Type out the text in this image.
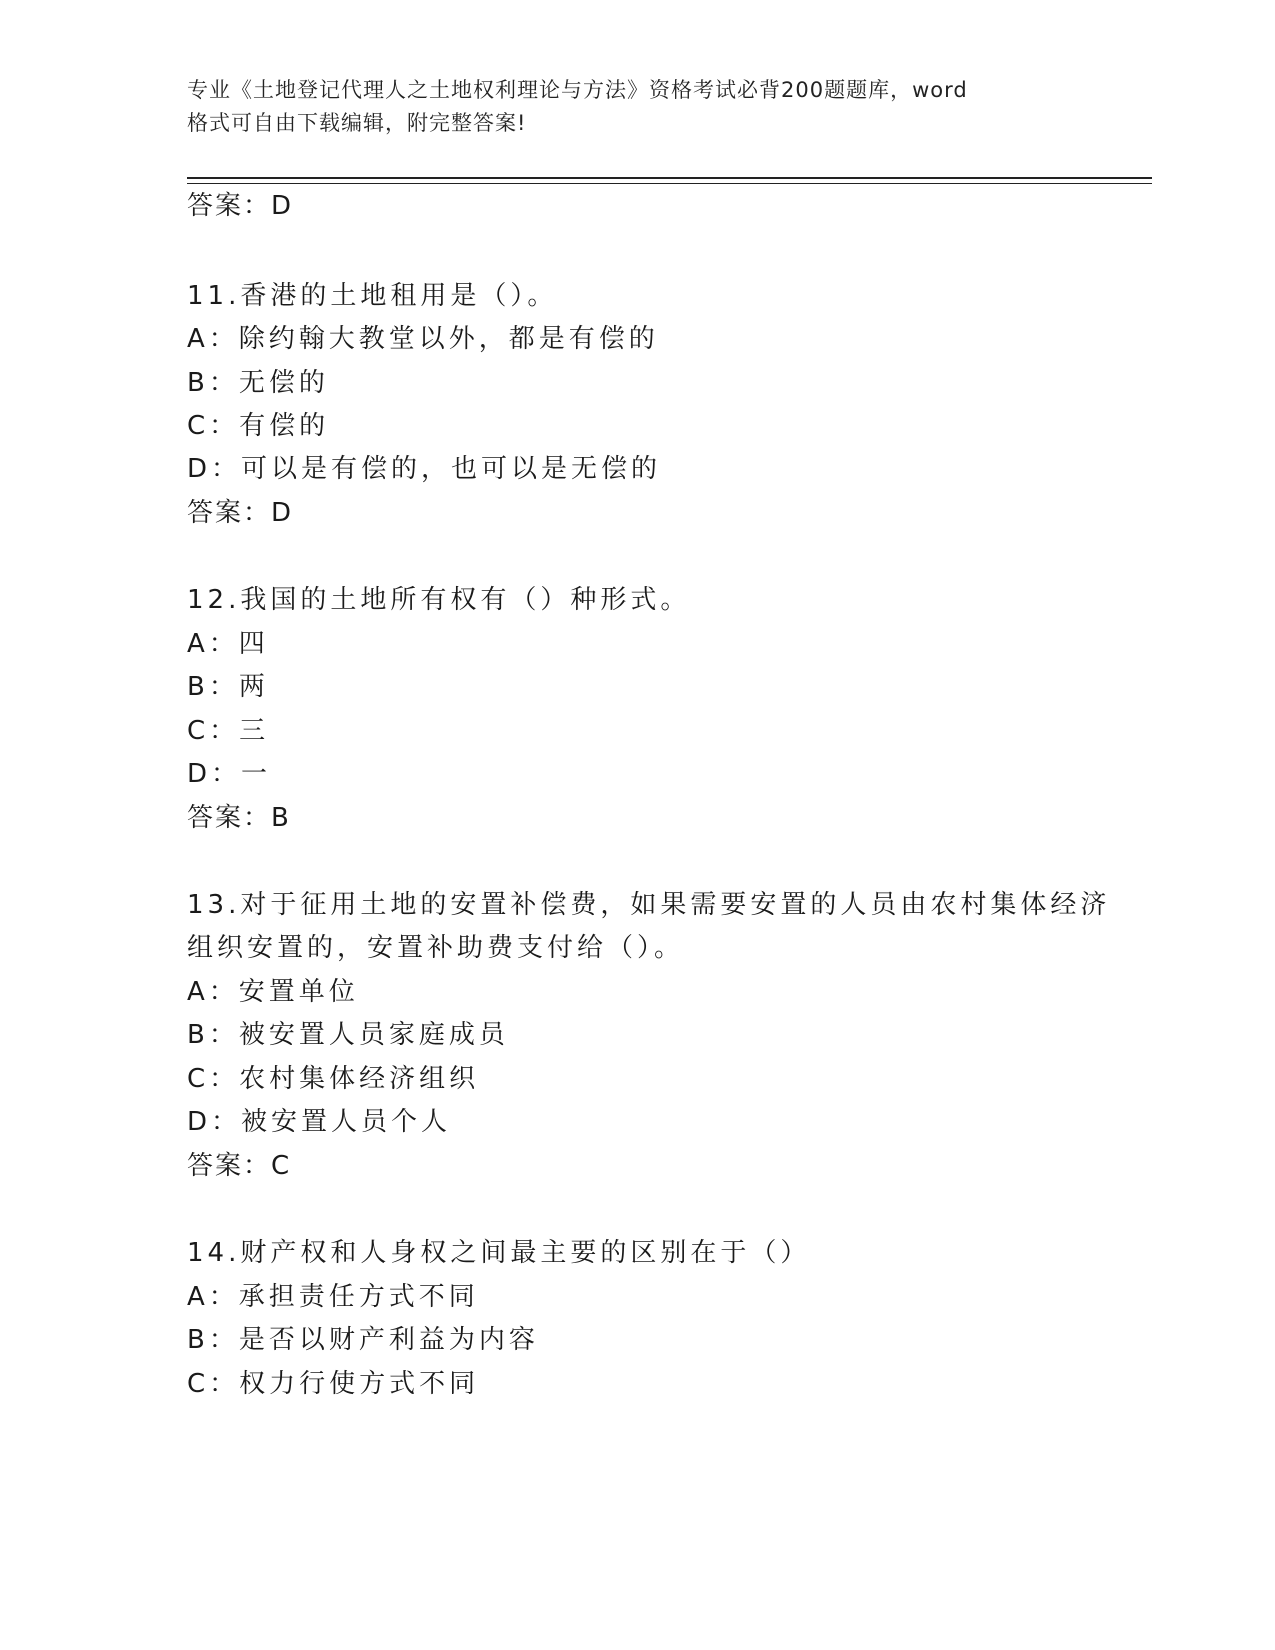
专业《土地登记代理人之土地权利理论与方法》资格考试必背200题题库，word
格式可自由下载编辑，附完整答案!
答案：D
11.香港的土地租用是（）。
A：除约翰大教堂以外，都是有偿的
B：无偿的
C：有偿的
D：可以是有偿的，也可以是无偿的
答案：D
12.我国的土地所有权有（）种形式。
A：四
B：两
C：三
D：一
答案：B
13.对于征用土地的安置补偿费，如果需要安置的人员由农村集体经济
组织安置的，安置补助费支付给（）。
A：安置单位
B：被安置人员家庭成员
C：农村集体经济组织
D：被安置人员个人
答案：C
14.财产权和人身权之间最主要的区别在于（）
A：承担责任方式不同
B：是否以财产利益为内容
C：权力行使方式不同
